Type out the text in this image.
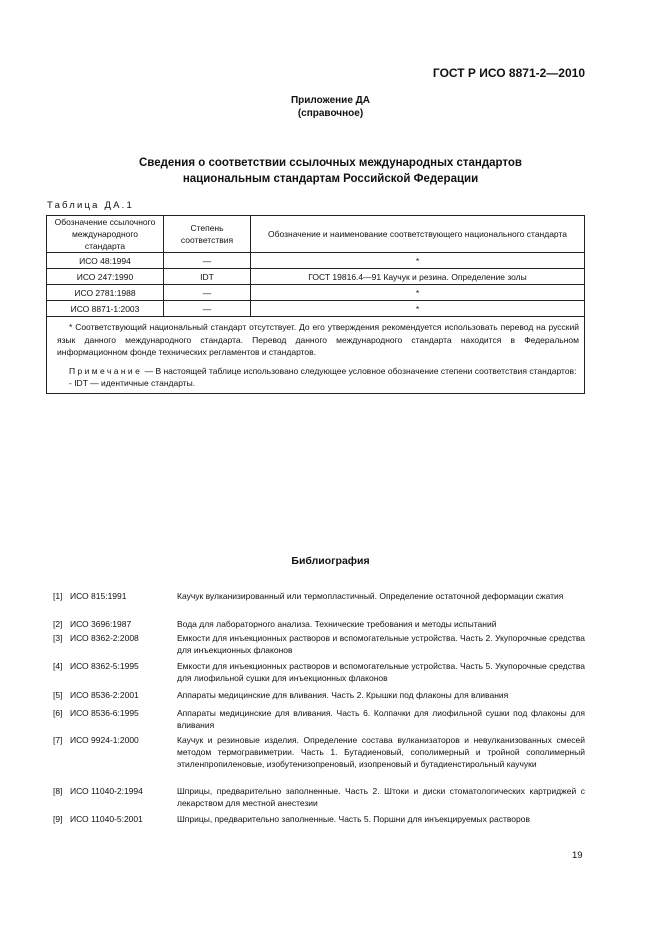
ГОСТ Р ИСО 8871-2—2010
Приложение ДА
(справочное)
Сведения о соответствии ссылочных международных стандартов
национальным стандартам Российской Федерации
Таблица ДА.1
Обозначение ссылочного международного стандарта	Степень соответствия	Обозначение и наименование соответствующего национального стандарта
ИСО 48:1994	—	*
ИСО 247:1990	IDT	ГОСТ 19816.4—91 Каучук и резина. Определение золы
ИСО 2781:1988	—	*
ИСО 8871-1:2003	—	*

* Соответствующий национальный стандарт отсутствует. До его утверждения рекомендуется использовать перевод на русский язык данного международного стандарта. Перевод данного международного стандарта находится в Федеральном информационном фонде технических регламентов и стандартов.

Примечание — В настоящей таблице использовано следующее условное обозначение степени соответствия стандартов:

- IDT — идентичные стандарты.		

Библиография
[1] ИСО 815:1991	Каучук вулканизированный или термопластичный. Определение остаточной деформации сжатия
[2] ИСО 3696:1987	Вода для лабораторного анализа. Технические требования и методы испытаний
[3] ИСО 8362-2:2008	Емкости для инъекционных растворов и вспомогательные устройства. Часть 2. Укупорочные средства для инъекционных флаконов
[4] ИСО 8362-5:1995	Емкости для инъекционных растворов и вспомогательные устройства. Часть 5. Укупорочные средства для лиофильной сушки для инъекционных флаконов
[5] ИСО 8536-2:2001	Аппараты медицинские для вливания. Часть 2. Крышки под флаконы для вливания
[6] ИСО 8536-6:1995	Аппараты медицинские для вливания. Часть 6. Колпачки для лиофильной сушки под флаконы для вливания
[7] ИСО 9924-1:2000	Каучук и резиновые изделия. Определение состава вулканизаторов и невулканизованных смесей методом термогравиметрии. Часть 1. Бутадиеновый, сополимерный и тройной сополимерный этиленпропиленовые, изобутенизопреновый, изопреновый и бутадиенстирольный каучуки
[8] ИСО 11040-2:1994	Шприцы, предварительно заполненные. Часть 2. Штоки и диски стоматологических картриджей с лекарством для местной анестезии
[9] ИСО 11040-5:2001	Шприцы, предварительно заполненные. Часть 5. Поршни для инъекцируемых растворов
19
